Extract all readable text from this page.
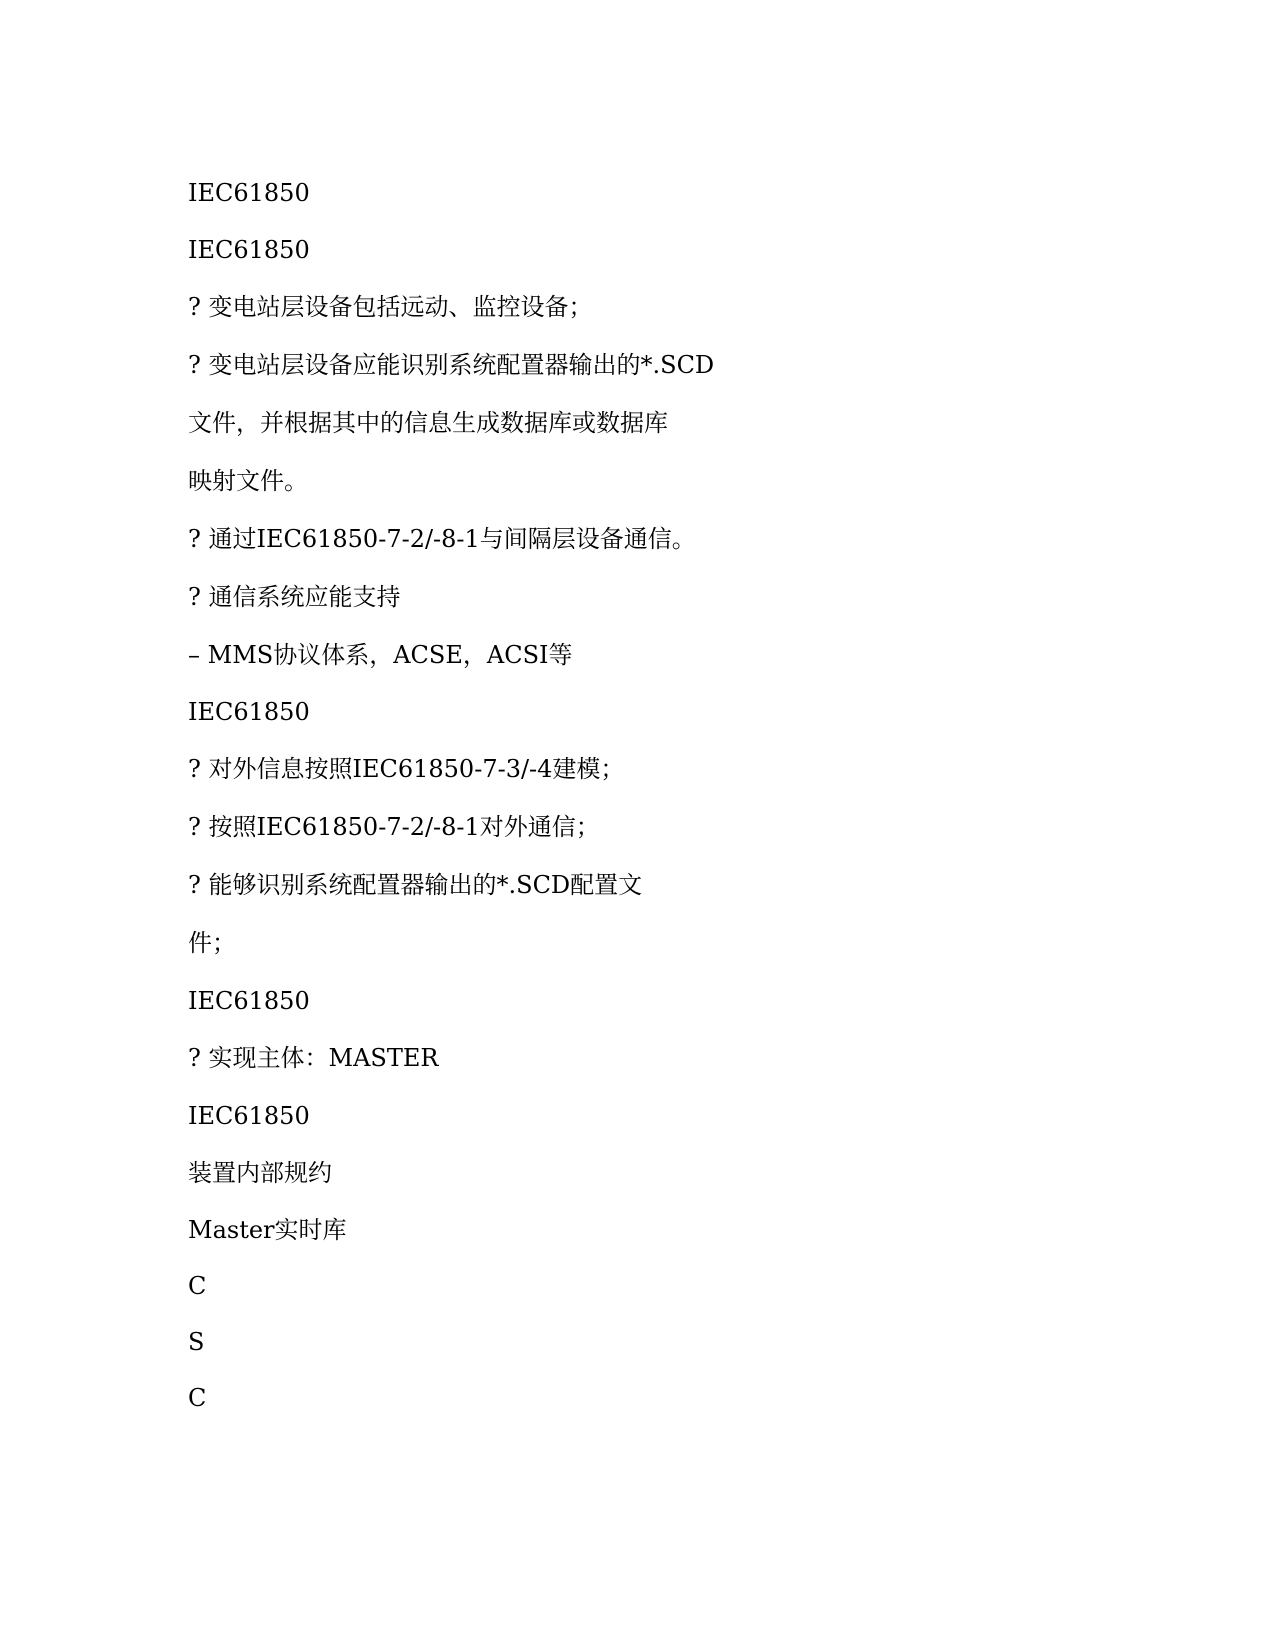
IEC61850

IEC61850

? 变电站层设备包括远动、监控设备；

? 变电站层设备应能识别系统配置器输出的*.SCD

文件，并根据其中的信息生成数据库或数据库

映射文件。

? 通过IEC61850-7-2/-8-1与间隔层设备通信。

? 通信系统应能支持

– MMS协议体系，ACSE，ACSI等

IEC61850

? 对外信息按照IEC61850-7-3/-4建模；

? 按照IEC61850-7-2/-8-1对外通信；

? 能够识别系统配置器输出的*.SCD配置文

件；

IEC61850

? 实现主体：MASTER

IEC61850

装置内部规约

Master实时库

C

S

C
